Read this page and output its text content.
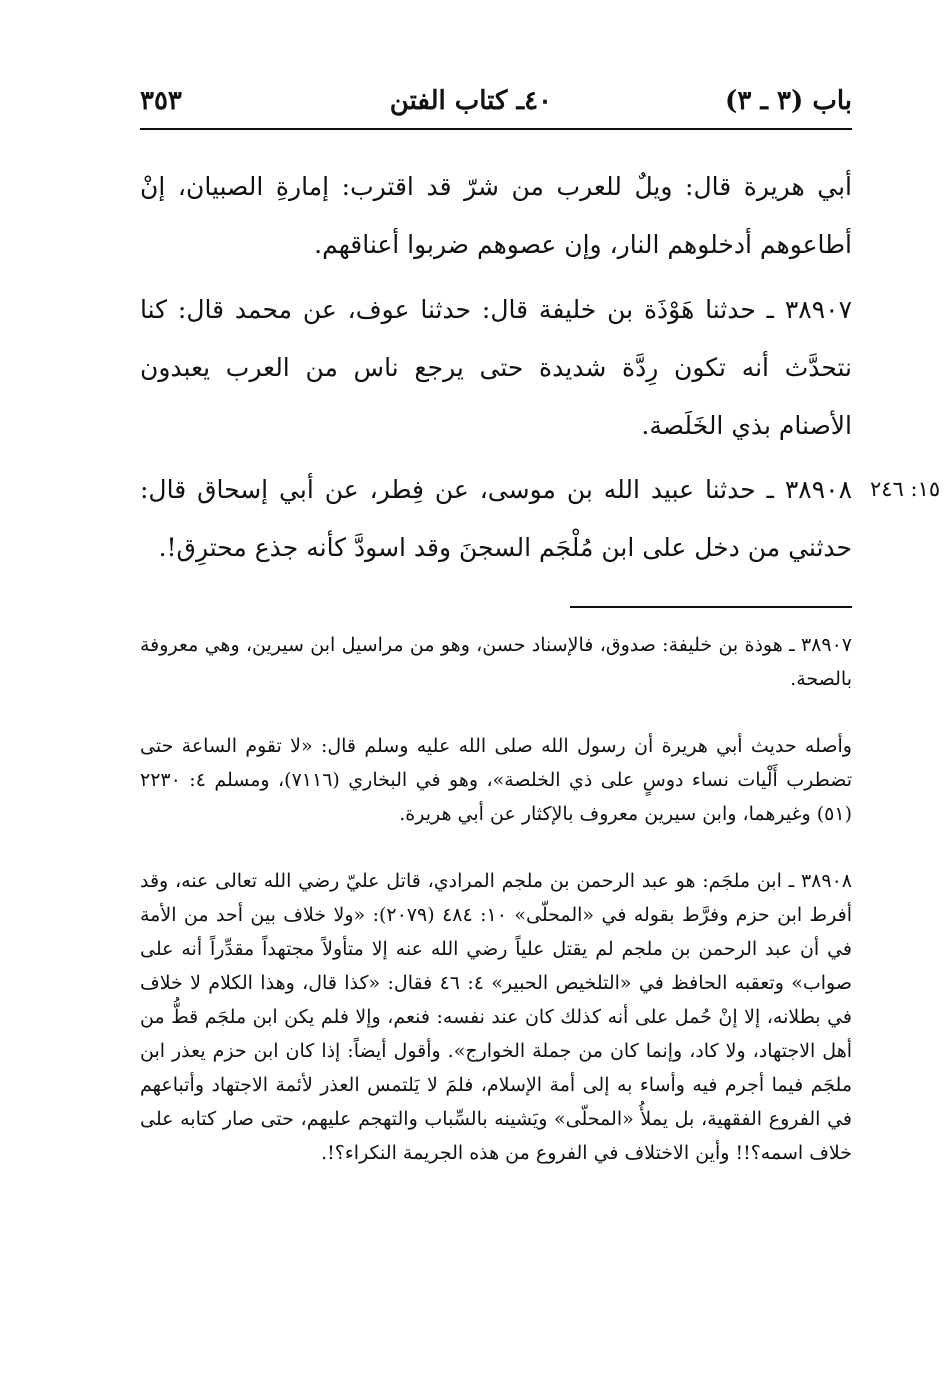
باب (٣ ـ ٣)
٤٠ـ كتاب الفتن
٣٥٣

أبي هريرة قال: ويلٌ للعرب من شرّ قد اقترب: إمارةِ الصبيان، إنْ أطاعوهم أدخلوهم النار، وإن عصوهم ضربوا أعناقهم.

٣٨٩٠٧ ـ حدثنا هَوْذَة بن خليفة قال: حدثنا عوف، عن محمد قال: كنا نتحدَّث أنه تكون رِدَّة شديدة حتى يرجع ناس من العرب يعبدون الأصنام بذي الخَلَصة.

٣٨٩٠٨ ـ حدثنا عبيد الله بن موسى، عن فِطر، عن أبي إسحاق قال: حدثني من دخل على ابن مُلْجَم السجنَ وقد اسودَّ كأنه جذع محترِق!.

١٥: ٢٤٦

٣٨٩٠٧ ـ هوذة بن خليفة: صدوق، فالإسناد حسن، وهو من مراسيل ابن سيرين، وهي معروفة بالصحة.

وأصله حديث أبي هريرة أن رسول الله صلى الله عليه وسلم قال: «لا تقوم الساعة حتى تضطرب أَلْيات نساء دوسٍ على ذي الخلصة»، وهو في البخاري (٧١١٦)، ومسلم ٤: ٢٢٣٠ (٥١) وغيرهما، وابن سيرين معروف بالإكثار عن أبي هريرة.

٣٨٩٠٨ ـ ابن ملجَم: هو عبد الرحمن بن ملجم المرادي، قاتل عليّ رضي الله تعالى عنه، وقد أفرط ابن حزم وفرَّط بقوله في «المحلّى» ١٠: ٤٨٤ (٢٠٧٩): «ولا خلاف بين أحد من الأمة في أن عبد الرحمن بن ملجم لم يقتل علياً رضي الله عنه إلا متأولاً مجتهداً مقدِّراً أنه على صواب» وتعقبه الحافظ في «التلخيص الحبير» ٤: ٤٦ فقال: «كذا قال، وهذا الكلام لا خلاف في بطلانه، إلا إنْ حُمل على أنه كذلك كان عند نفسه: فنعم، وإلا فلم يكن ابن ملجَم قطُّ من أهل الاجتهاد، ولا كاد، وإنما كان من جملة الخوارج». وأقول أيضاً: إذا كان ابن حزم يعذر ابن ملجَم فيما أجرم فيه وأساء به إلى أمة الإسلام، فلمَ لا يَلتمس العذر لأئمة الاجتهاد وأتباعهم في الفروع الفقهية، بل يملأُ «المحلّى» ويَشينه بالسِّباب والتهجم عليهم، حتى صار كتابه على خلاف اسمه؟!! وأين الاختلاف في الفروع من هذه الجريمة النكراء؟!.
